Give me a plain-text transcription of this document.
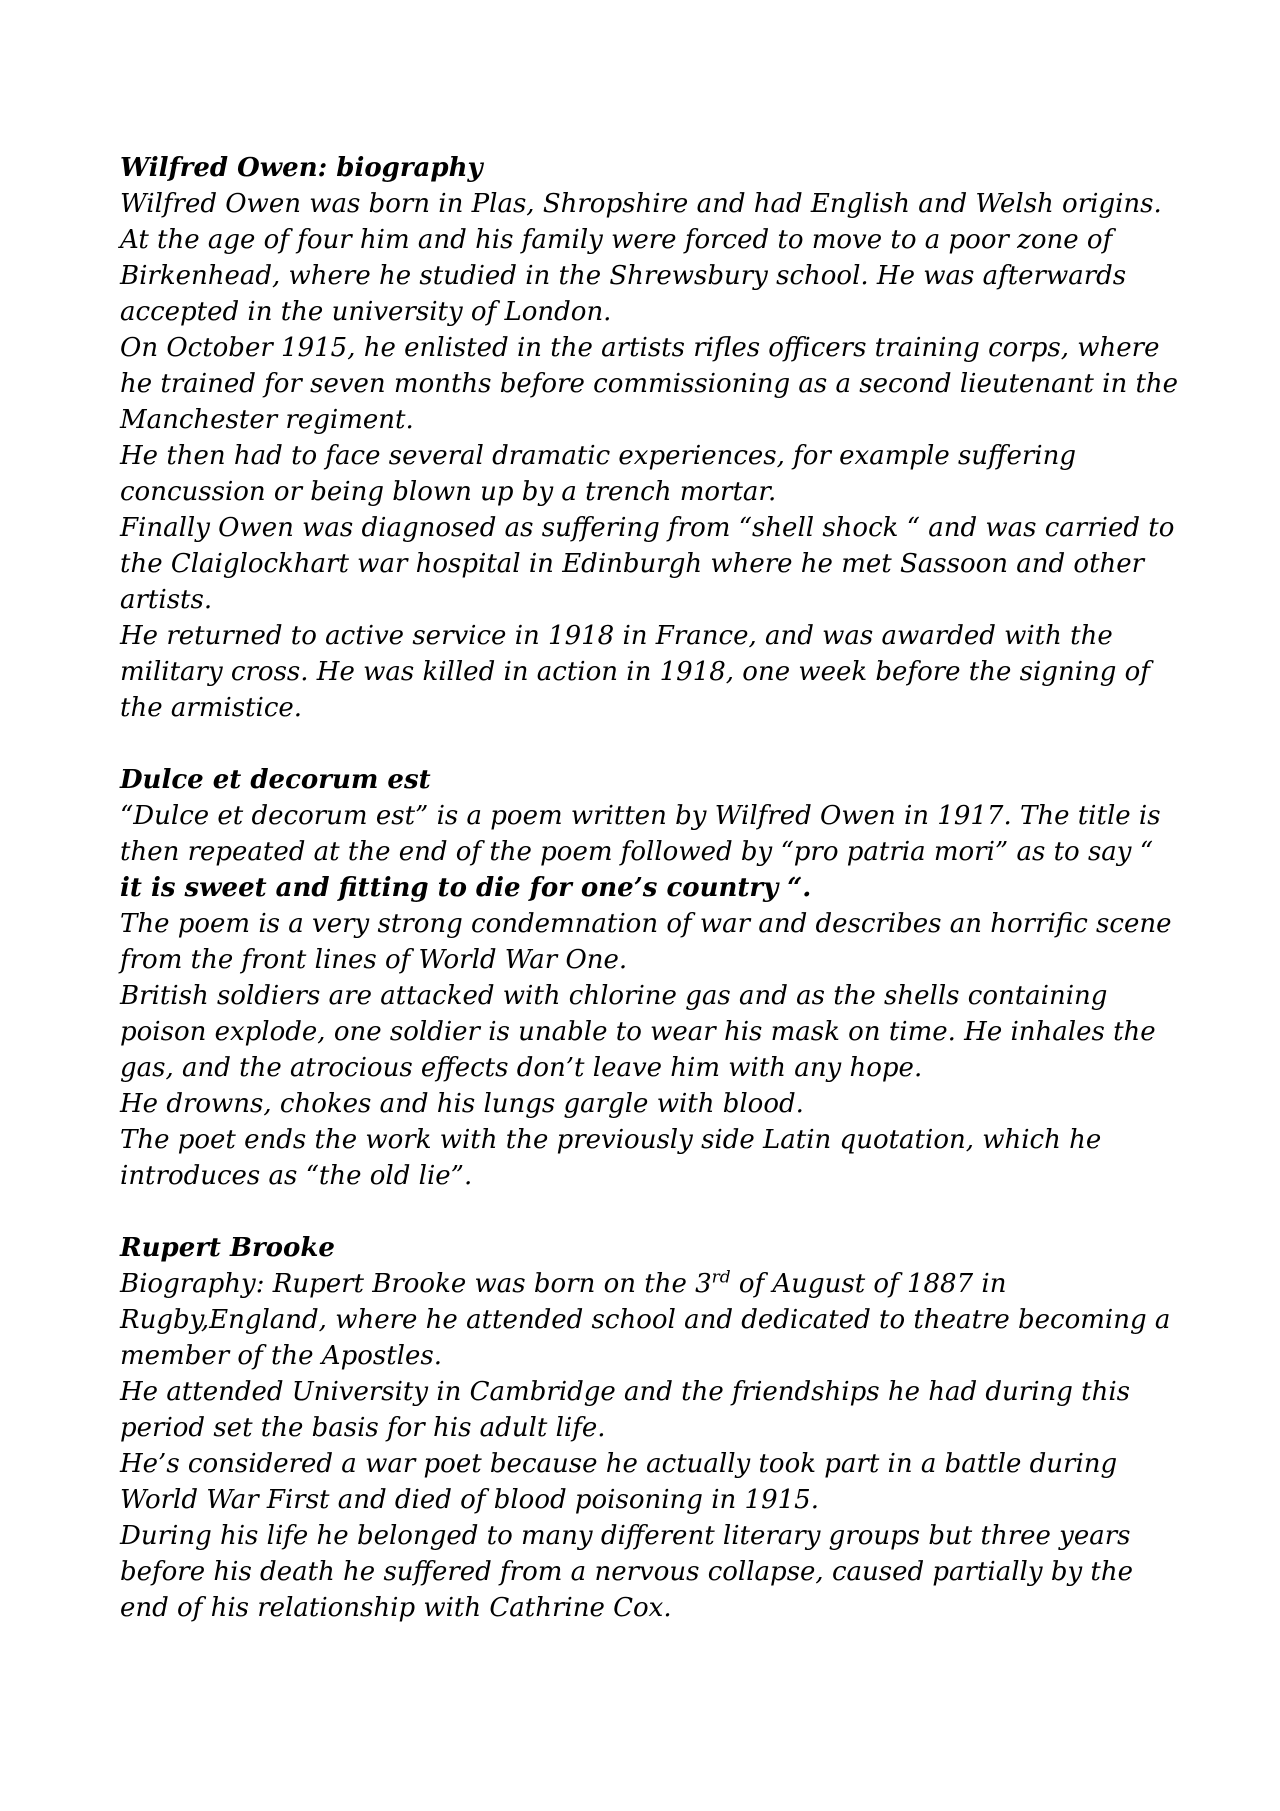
Wilfred Owen: biography

Wilfred Owen was born in Plas, Shropshire and had English and Welsh origins. At the age of four him and his family were forced to move to a poor zone of Birkenhead, where he studied in the Shrewsbury school. He was afterwards accepted in the university of London.

On October 1915, he enlisted in the artists rifles officers training corps, where he trained for seven months before commissioning as a second lieutenant in the Manchester regiment.

He then had to face several dramatic experiences, for example suffering concussion or being blown up by a trench mortar.

Finally Owen was diagnosed as suffering from “shell shock “ and was carried to the Claiglockhart war hospital in Edinburgh where he met Sassoon and other artists.

He returned to active service in 1918 in France, and was awarded with the military cross. He was killed in action in 1918, one week before the signing of the armistice.

Dulce et decorum est

“Dulce et decorum est” is a poem written by Wilfred Owen in 1917. The title is then repeated at the end of the poem followed by “pro patria mori” as to say “
it is sweet and fitting to die for one’s country “.

The poem is a very strong condemnation of war and describes an horrific scene from the front lines of World War One.

British soldiers are attacked with chlorine gas and as the shells containing poison explode, one soldier is unable to wear his mask on time. He inhales the gas, and the atrocious effects don’t leave him with any hope.

He drowns, chokes and his lungs gargle with blood.

The poet ends the work with the previously side Latin quotation, which he introduces as “the old lie”.

Rupert Brooke

Biography: Rupert Brooke was born on the 3rd of August of 1887 in Rugby,England, where he attended school and dedicated to theatre becoming a member of the Apostles.

He attended University in Cambridge and the friendships he had during this period set the basis for his adult life.

He’s considered a war poet because he actually took part in a battle during World War First and died of blood poisoning in 1915.

During his life he belonged to many different literary groups but three years before his death he suffered from a nervous collapse, caused partially by the end of his relationship with Cathrine Cox.
